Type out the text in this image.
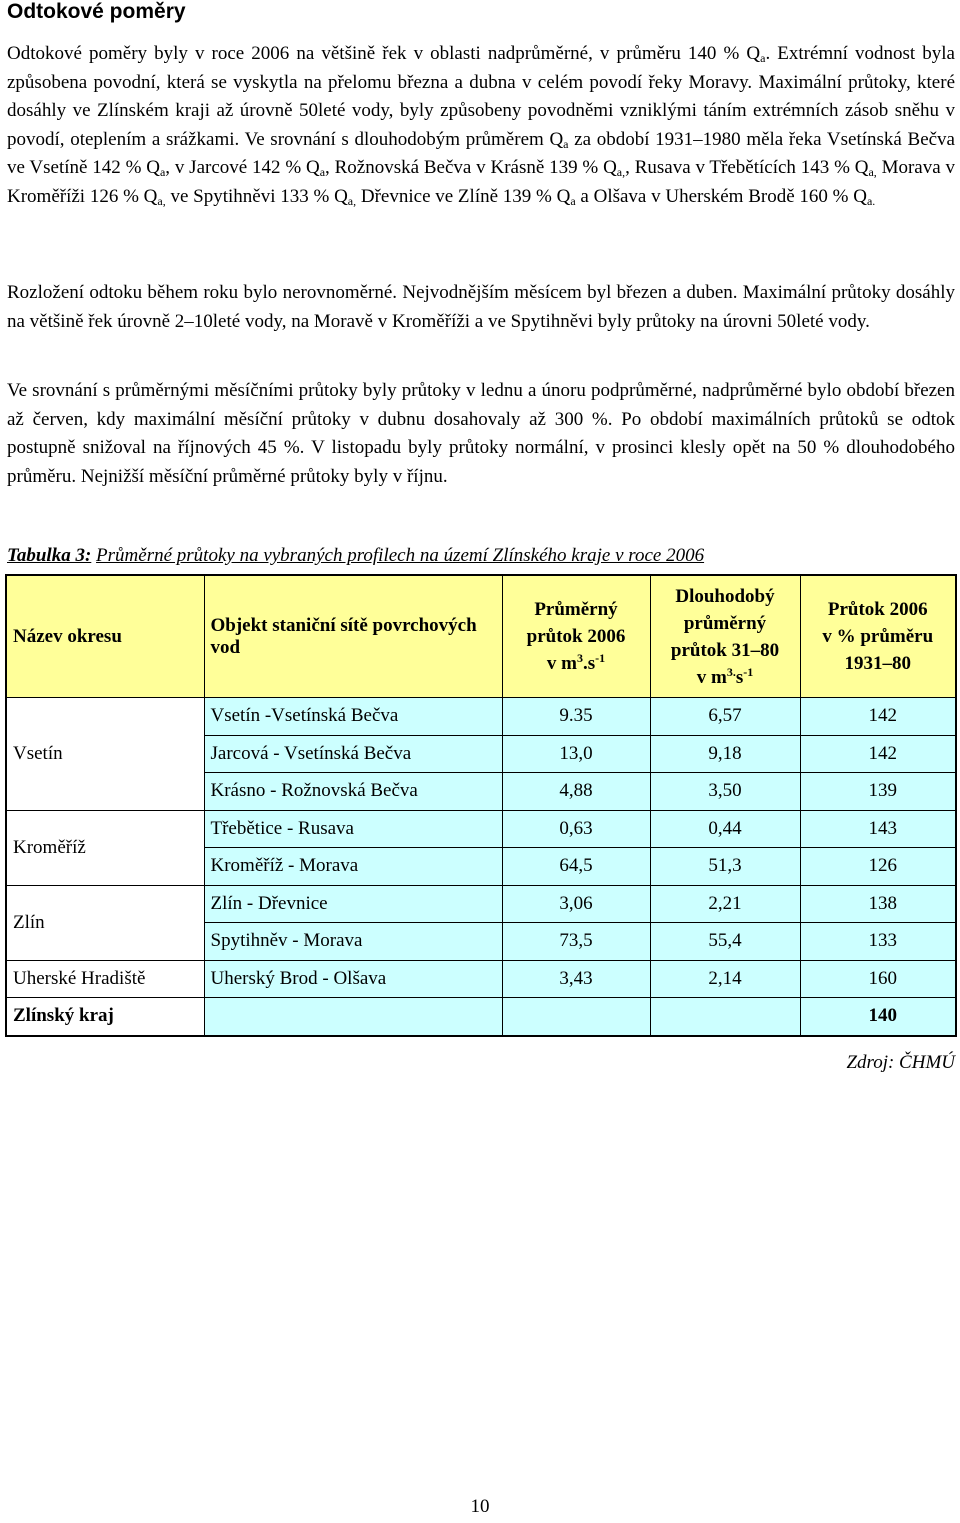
Odtokové poměry

Odtokové poměry byly v roce 2006 na většině řek v oblasti nadprůměrné, v průměru 140 % $Q_a$. Extrémní vodnost byla způsobena povodní, která se vyskytla na přelomu března a dubna v celém povodí řeky Moravy. Maximální průtoky, které dosáhly ve Zlínském kraji až úrovně 50leté vody, byly způsobeny povodněmi vzniklými táním extrémních zásob sněhu v povodí, oteplením a srážkami. Ve srovnání s dlouhodobým průměrem $Q_a$ za období 1931–1980 měla řeka Vsetínská Bečva ve Vsetíně 142 % $Q_a$, v Jarcové 142 % $Q_a$, Rožnovská Bečva v Krásně 139 % $Q_{a,}$, Rusava v Třebětících 143 % $Q_{a,}$ Morava v Kroměříži 126 % $Q_{a,}$ ve Spytihněvi 133 % $Q_{a,}$ Dřevnice ve Zlíně 139 % $Q_a$ a Olšava v Uherském Brodě 160 % $Q_{a.}$

Rozložení odtoku během roku bylo nerovnoměrné. Nejvodnějším měsícem byl březen a duben. Maximální průtoky dosáhly na většině řek úrovně 2–10leté vody, na Moravě v Kroměříži a ve Spytihněvi byly průtoky na úrovni 50leté vody.

Ve srovnání s průměrnými měsíčními průtoky byly průtoky v lednu a únoru podprůměrné, nadprůměrné bylo období březen až červen, kdy maximální měsíční průtoky v dubnu dosahovaly až 300 %. Po období maximálních průtoků se odtok postupně snižoval na říjnových 45 %. V listopadu byly průtoky normální, v prosinci klesly opět na 50 % dlouhodobého průměru. Nejnižší měsíční průměrné průtoky byly v říjnu.

Tabulka 3: Průměrné průtoky na vybraných profilech na území Zlínského kraje v roce 2006

Název okresu	Objekt staniční sítě povrchových vod	Průměrný
průtok 2006
v $m^3.s^{-1}$	Dlouhodobý
průměrný
průtok 31–80
v $m^{3.}s^{-1}$	Průtok 2006
v % průměru
1931–80
Vsetín	Vsetín -Vsetínská Bečva	9.35	6,57	142
	Jarcová - Vsetínská Bečva	13,0	9,18	142
	Krásno - Rožnovská Bečva	4,88	3,50	139
Kroměříž	Třebětice - Rusava	0,63	0,44	143
	Kroměříž - Morava	64,5	51,3	126
Zlín	Zlín - Dřevnice	3,06	2,21	138
	Spytihněv - Morava	73,5	55,4	133
Uherské Hradiště	Uherský Brod - Olšava	3,43	2,14	160
Zlínský kraj				140

Zdroj: ČHMÚ

10
